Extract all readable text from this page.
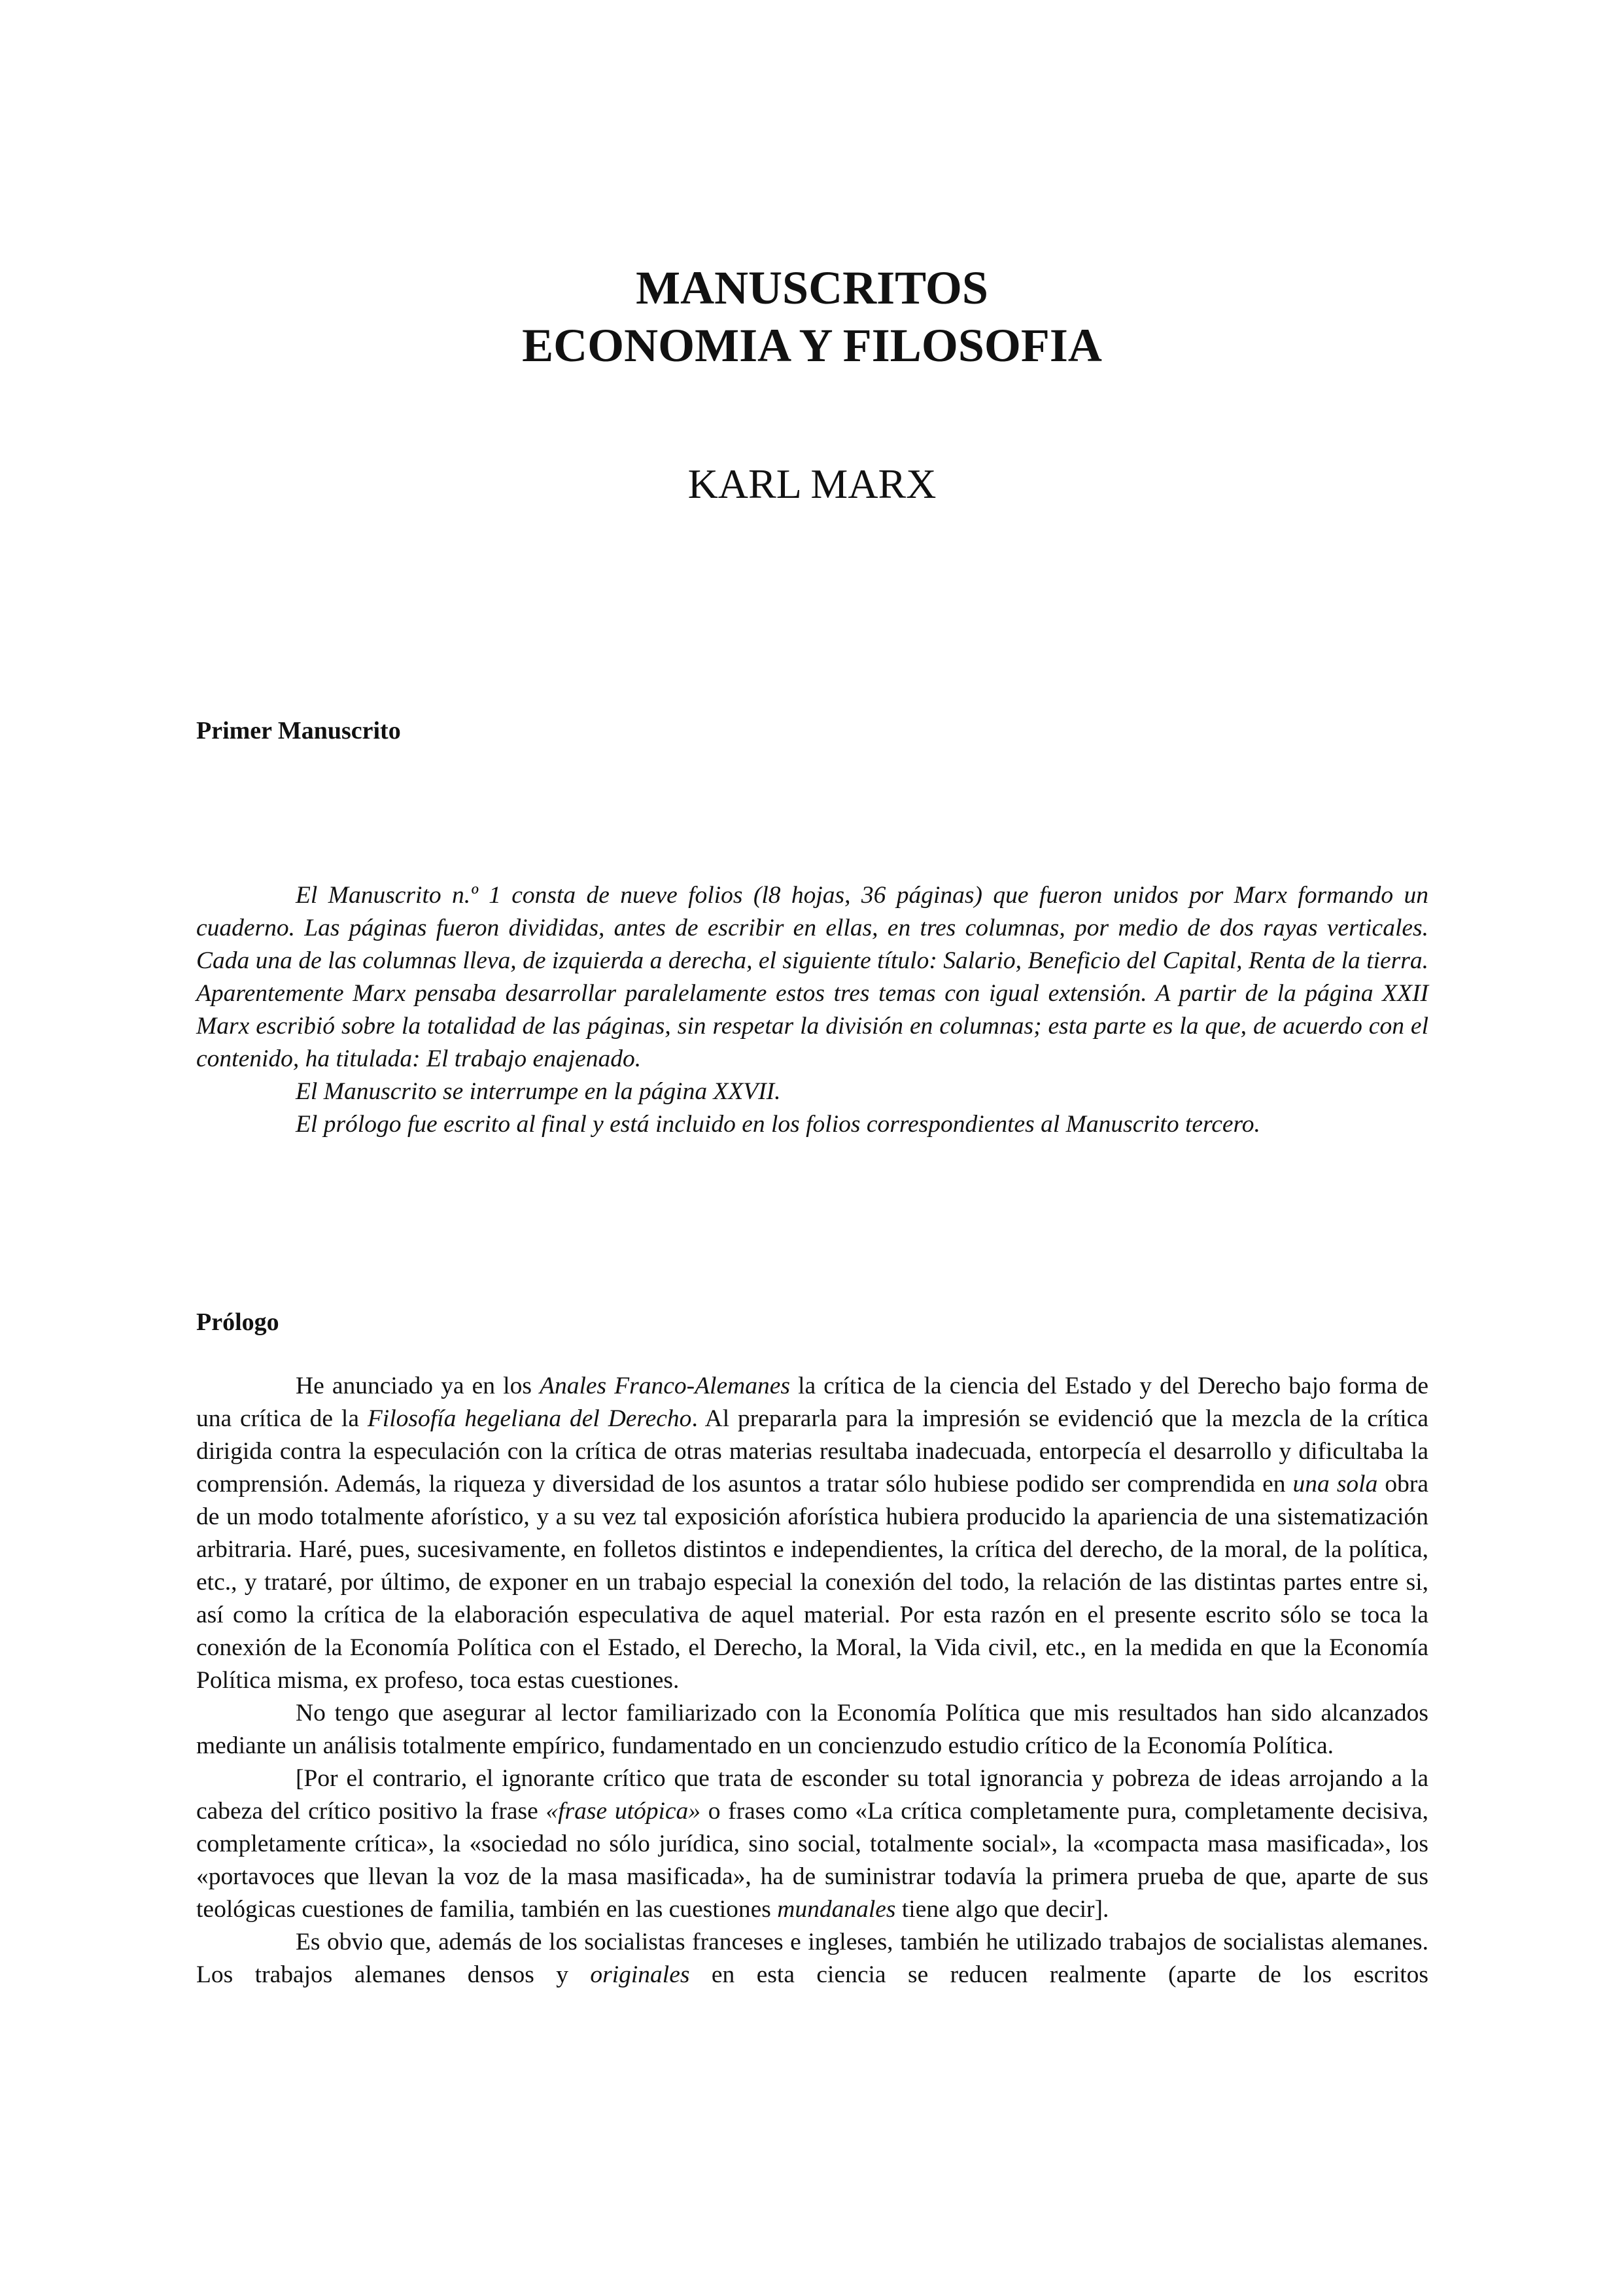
MANUSCRITOS
ECONOMIA Y FILOSOFIA
KARL MARX
Primer Manuscrito

El Manuscrito n.º 1 consta de nueve folios (l8 hojas, 36 páginas) que fueron unidos por Marx formando un cuaderno. Las páginas fueron divididas, antes de escribir en ellas, en tres columnas, por medio de dos rayas verticales. Cada una de las columnas lleva, de izquierda a derecha, el siguiente título: Salario, Beneficio del Capital, Renta de la tierra. Aparentemente Marx pensaba desarrollar paralelamente estos tres temas con igual extensión. A partir de la página XXII Marx escribió sobre la totalidad de las páginas, sin respetar la división en columnas; esta parte es la que, de acuerdo con el contenido, ha titulada: El trabajo enajenado.

El Manuscrito se interrumpe en la página XXVII.

El prólogo fue escrito al final y está incluido en los folios correspondientes al Manuscrito tercero.

Prólogo

He anunciado ya en los Anales Franco-Alemanes la crítica de la ciencia del Estado y del Derecho bajo forma de una crítica de la Filosofía hegeliana del Derecho. Al prepararla para la impresión se evidenció que la mezcla de la crítica dirigida contra la especulación con la crítica de otras materias resultaba inadecuada, entorpecía el desarrollo y dificultaba la comprensión. Además, la riqueza y diversidad de los asuntos a tratar sólo hubiese podido ser comprendida en una sola obra de un modo totalmente aforístico, y a su vez tal exposición aforística hubiera producido la apariencia de una sistematización arbitraria. Haré, pues, sucesivamente, en folletos distintos e independientes, la crítica del derecho, de la moral, de la política, etc., y trataré, por último, de exponer en un trabajo especial la conexión del todo, la relación de las distintas partes entre si, así como la crítica de la elaboración especulativa de aquel material. Por esta razón en el presente escrito sólo se toca la conexión de la Economía Política con el Estado, el Derecho, la Moral, la Vida civil, etc., en la medida en que la Economía Política misma, ex profeso, toca estas cuestiones.

No tengo que asegurar al lector familiarizado con la Economía Política que mis resultados han sido alcanzados mediante un análisis totalmente empírico, fundamentado en un concienzudo estudio crítico de la Economía Política.

[Por el contrario, el ignorante crítico que trata de esconder su total ignorancia y pobreza de ideas arrojando a la cabeza del crítico positivo la frase «frase utópica» o frases como «La crítica completamente pura, completamente decisiva, completamente crítica», la «sociedad no sólo jurídica, sino social, totalmente social», la «compacta masa masificada», los «portavoces que llevan la voz de la masa masificada», ha de suministrar todavía la primera prueba de que, aparte de sus teológicas cuestiones de familia, también en las cuestiones mundanales tiene algo que decir].

Es obvio que, además de los socialistas franceses e ingleses, también he utilizado trabajos de socialistas alemanes. Los trabajos alemanes densos y originales en esta ciencia se reducen realmente (aparte de los escritos
